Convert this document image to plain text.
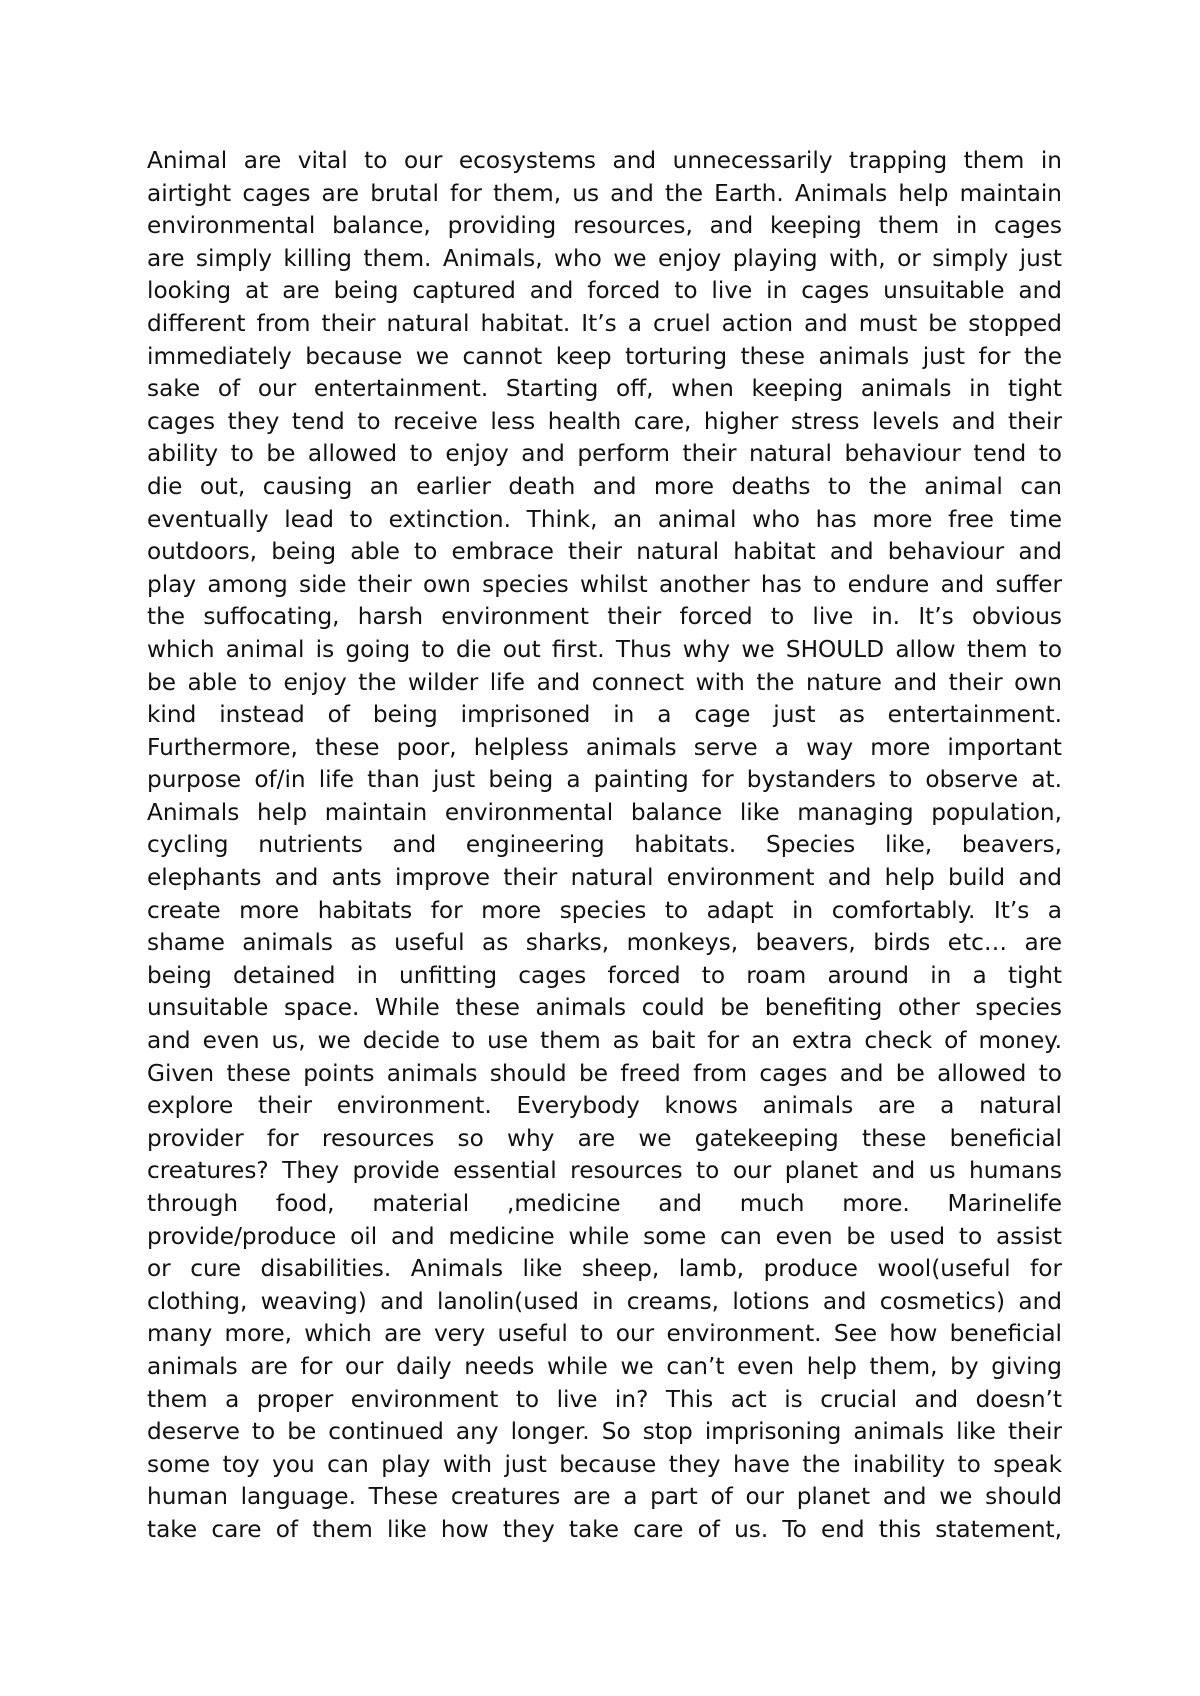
Animal are vital to our ecosystems and unnecessarily trapping them in
airtight cages are brutal for them, us and the Earth. Animals help maintain
environmental balance, providing resources, and keeping them in cages
are simply killing them. Animals, who we enjoy playing with, or simply just
looking at are being captured and forced to live in cages unsuitable and
different from their natural habitat. It’s a cruel action and must be stopped
immediately because we cannot keep torturing these animals just for the
sake of our entertainment. Starting off, when keeping animals in tight
cages they tend to receive less health care, higher stress levels and their
ability to be allowed to enjoy and perform their natural behaviour tend to
die out, causing an earlier death and more deaths to the animal can
eventually lead to extinction. Think, an animal who has more free time
outdoors, being able to embrace their natural habitat and behaviour and
play among side their own species whilst another has to endure and suffer
the suffocating, harsh environment their forced to live in. It’s obvious
which animal is going to die out first. Thus why we SHOULD allow them to
be able to enjoy the wilder life and connect with the nature and their own
kind instead of being imprisoned in a cage just as entertainment.
Furthermore, these poor, helpless animals serve a way more important
purpose of/in life than just being a painting for bystanders to observe at.
Animals help maintain environmental balance like managing population,
cycling nutrients and engineering habitats. Species like, beavers,
elephants and ants improve their natural environment and help build and
create more habitats for more species to adapt in comfortably. It’s a
shame animals as useful as sharks, monkeys, beavers, birds etc… are
being detained in unfitting cages forced to roam around in a tight
unsuitable space. While these animals could be benefiting other species
and even us, we decide to use them as bait for an extra check of money.
Given these points animals should be freed from cages and be allowed to
explore their environment. Everybody knows animals are a natural
provider for resources so why are we gatekeeping these beneficial
creatures? They provide essential resources to our planet and us humans
through food, material ,medicine and much more. Marinelife
provide/produce oil and medicine while some can even be used to assist
or cure disabilities. Animals like sheep, lamb, produce wool(useful for
clothing, weaving) and lanolin(used in creams, lotions and cosmetics) and
many more, which are very useful to our environment. See how beneficial
animals are for our daily needs while we can’t even help them, by giving
them a proper environment to live in? This act is crucial and doesn’t
deserve to be continued any longer. So stop imprisoning animals like their
some toy you can play with just because they have the inability to speak
human language. These creatures are a part of our planet and we should
take care of them like how they take care of us. To end this statement,
